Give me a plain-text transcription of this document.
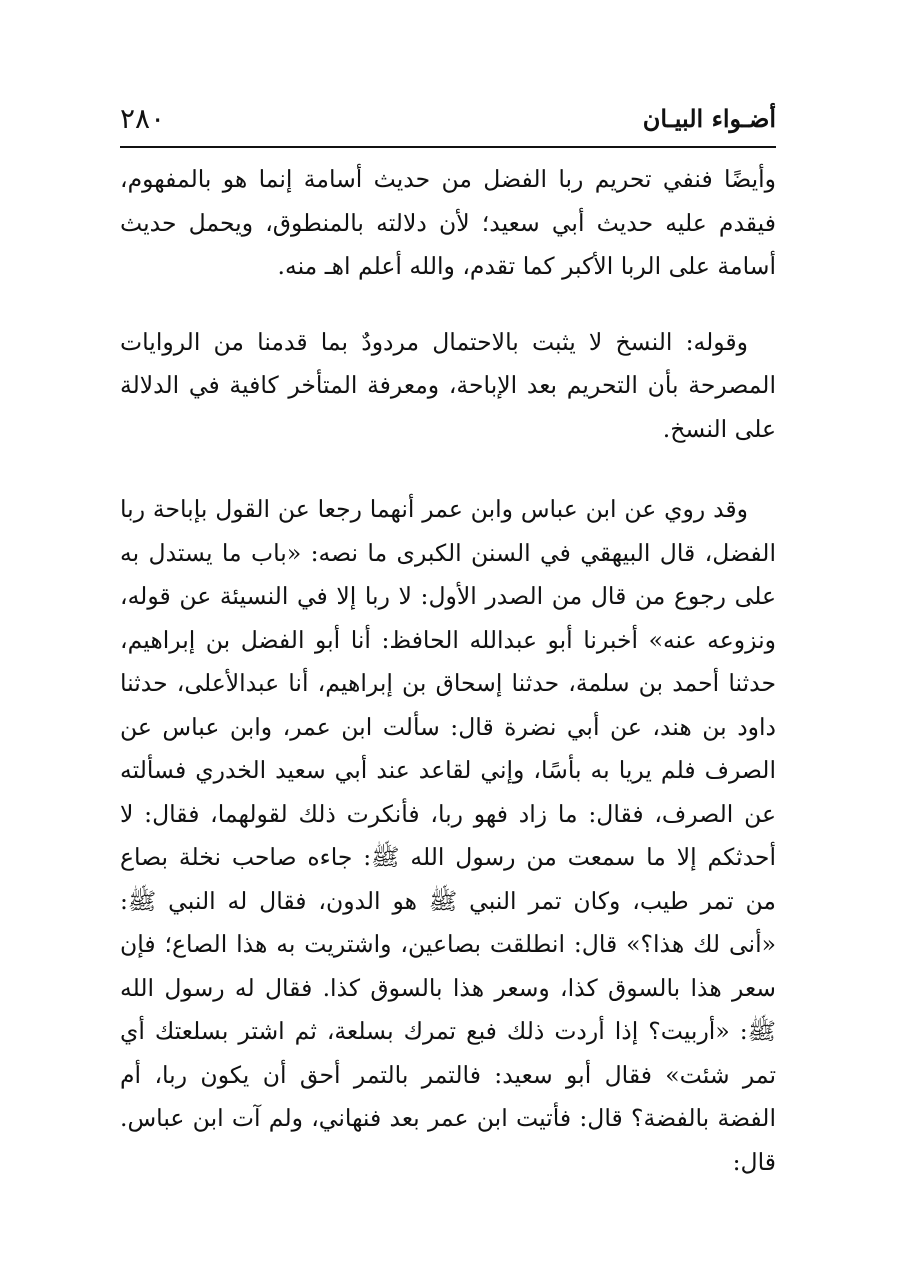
أضـواء البيـان
٢٨٠

وأيضًا فنفي تحريم ربا الفضل من حديث أسامة إنما هو بالمفهوم، فيقدم عليه حديث أبي سعيد؛ لأن دلالته بالمنطوق، ويحمل حديث أسامة على الربا الأكبر كما تقدم، والله أعلم اهـ منه.

وقوله: النسخ لا يثبت بالاحتمال مردودٌ بما قدمنا من الروايات المصرحة بأن التحريم بعد الإباحة، ومعرفة المتأخر كافية في الدلالة على النسخ.

وقد روي عن ابن عباس وابن عمر أنهما رجعا عن القول بإباحة ربا الفضل، قال البيهقي في السنن الكبرى ما نصه: «باب ما يستدل به على رجوع من قال من الصدر الأول: لا ربا إلا في النسيئة عن قوله، ونزوعه عنه» أخبرنا أبو عبدالله الحافظ: أنا أبو الفضل بن إبراهيم، حدثنا أحمد بن سلمة، حدثنا إسحاق بن إبراهيم، أنا عبدالأعلى، حدثنا داود بن هند، عن أبي نضرة قال: سألت ابن عمر، وابن عباس عن الصرف فلم يريا به بأسًا، وإني لقاعد عند أبي سعيد الخدري فسألته عن الصرف، فقال: ما زاد فهو ربا، فأنكرت ذلك لقولهما، فقال: لا أحدثكم إلا ما سمعت من رسول الله ﷺ: جاءه صاحب نخلة بصاع من تمر طيب، وكان تمر النبي ﷺ هو الدون، فقال له النبي ﷺ: «أنى لك هذا؟» قال: انطلقت بصاعين، واشتريت به هذا الصاع؛ فإن سعر هذا بالسوق كذا، وسعر هذا بالسوق كذا. فقال له رسول الله ﷺ: «أربيت؟ إذا أردت ذلك فبع تمرك بسلعة، ثم اشتر بسلعتك أي تمر شئت» فقال أبو سعيد: فالتمر بالتمر أحق أن يكون ربا، أم الفضة بالفضة؟ قال: فأتيت ابن عمر بعد فنهاني، ولم آت ابن عباس. قال:
